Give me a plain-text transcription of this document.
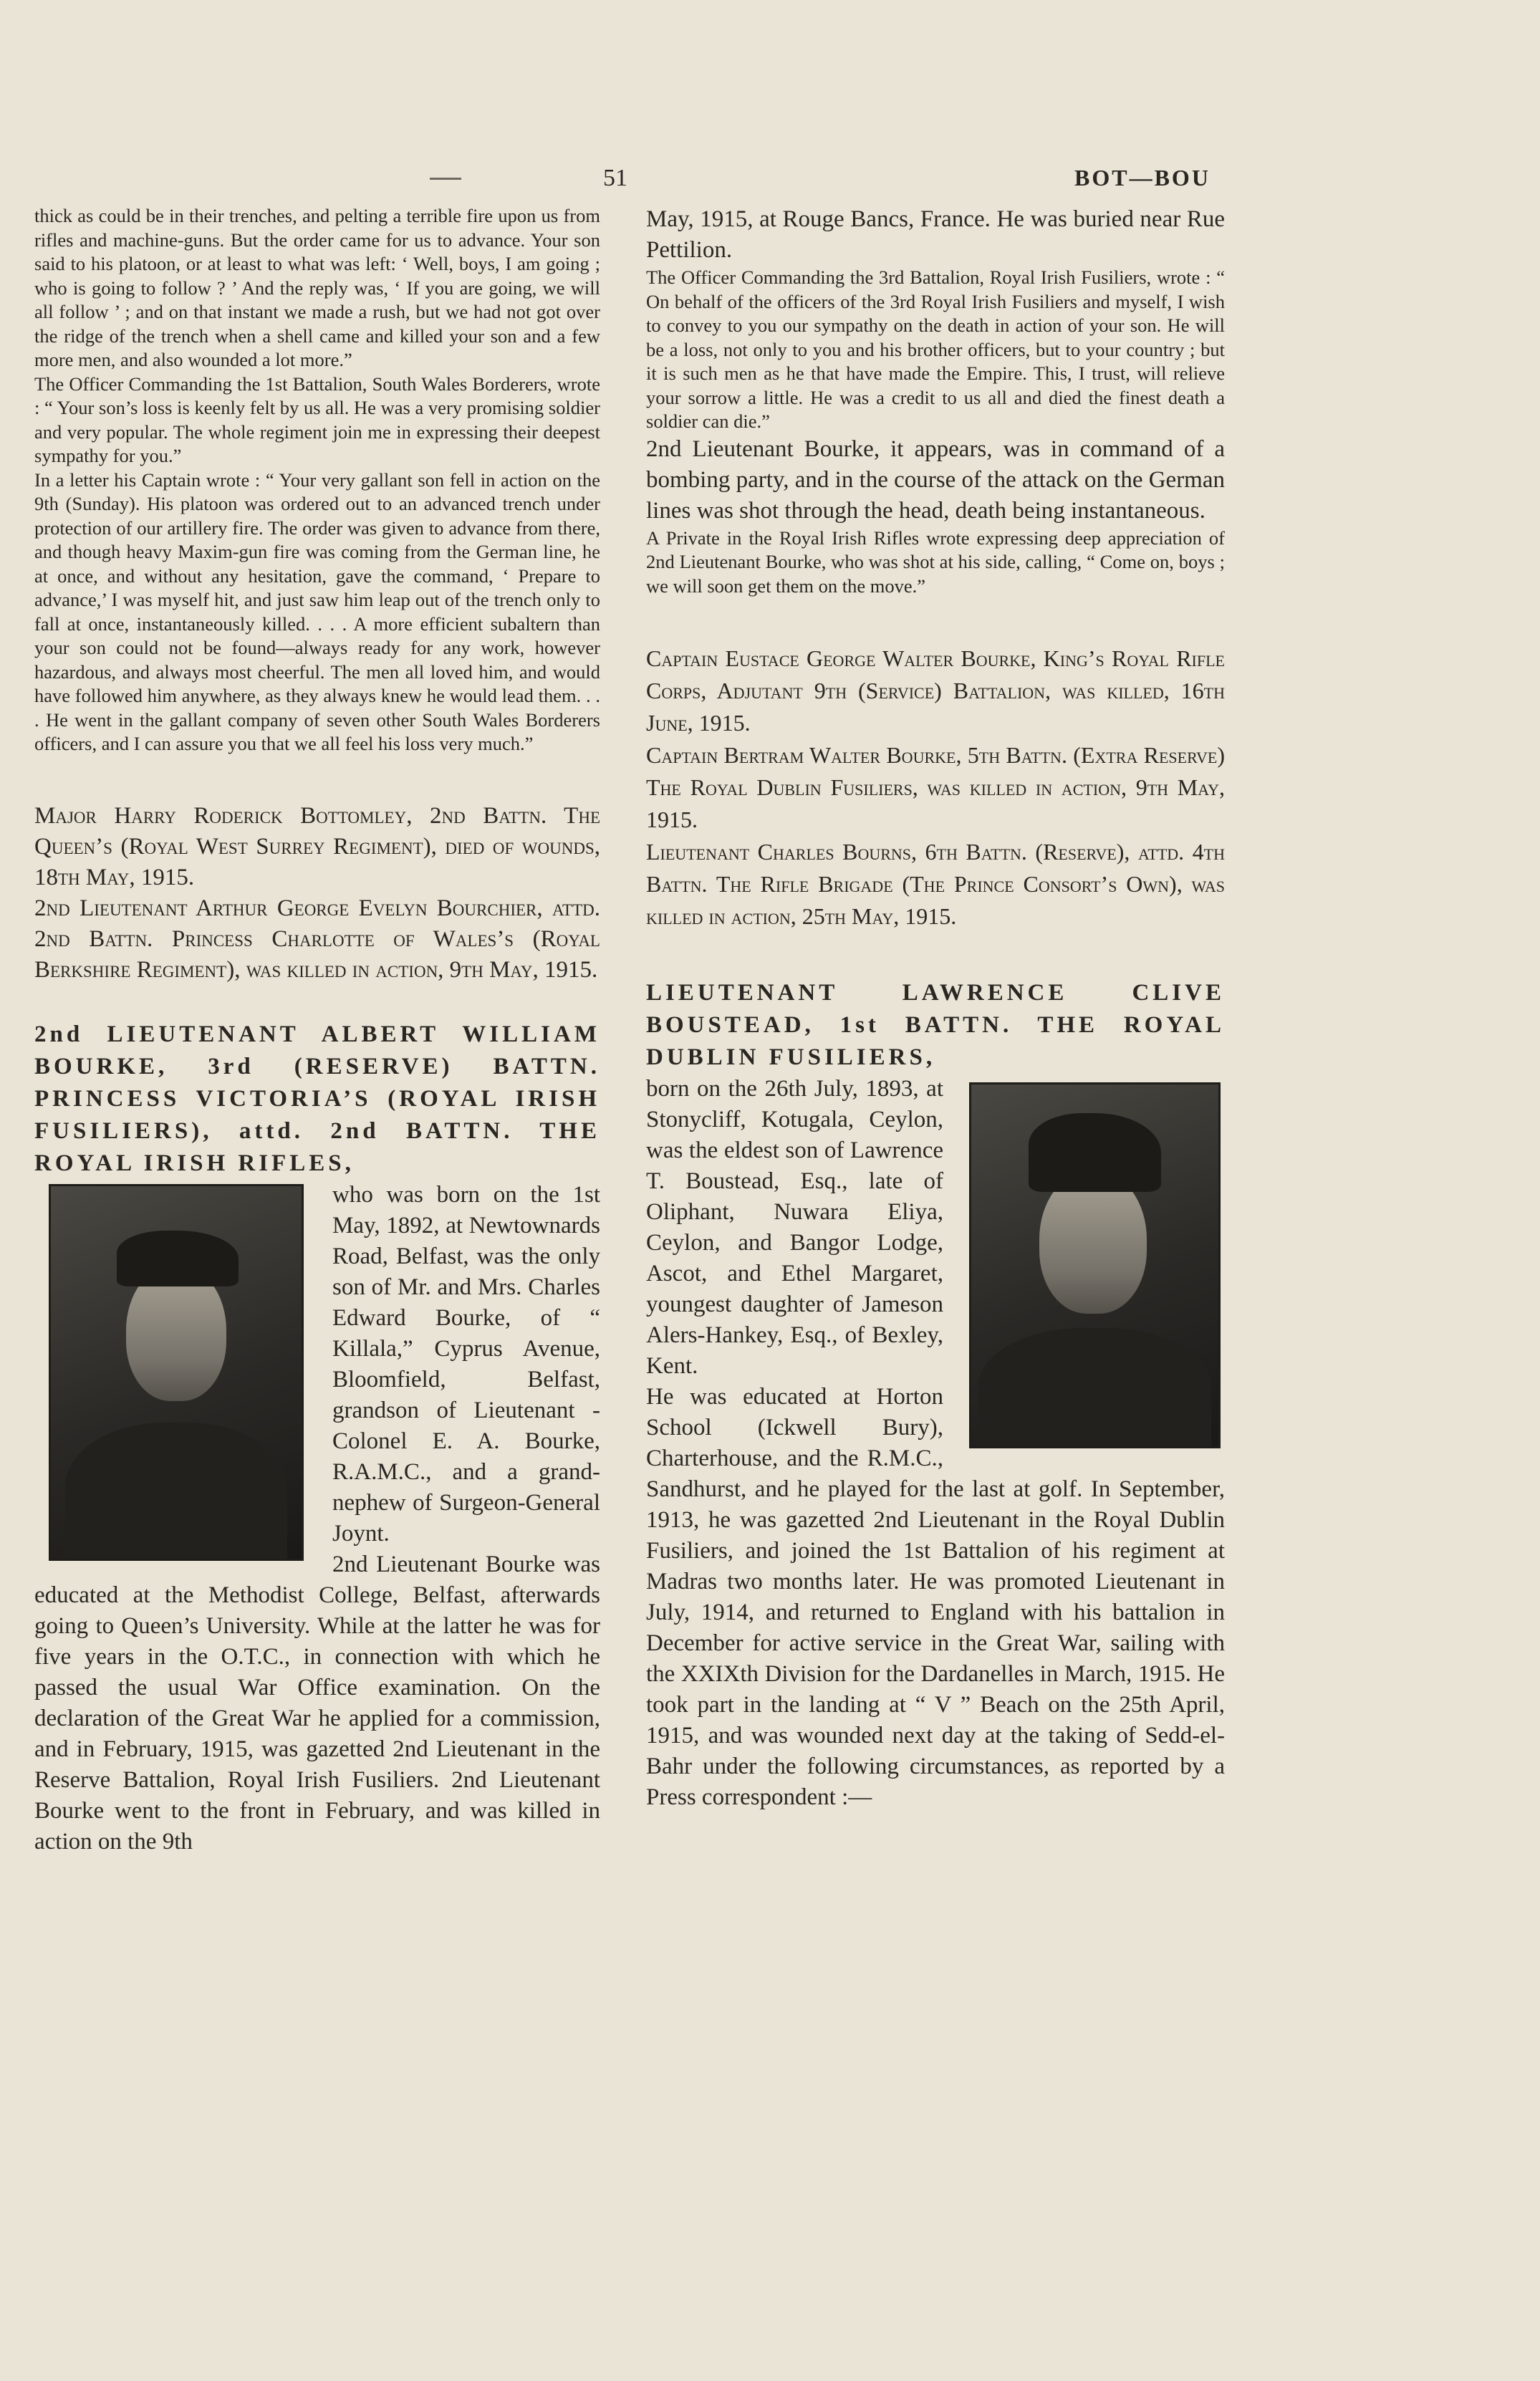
51	BOT—BOU

thick as could be in their trenches, and pelting a terrible fire upon us from rifles and machine-guns. But the order came for us to advance. Your son said to his platoon, or at least to what was left: ‘ Well, boys, I am going ; who is going to follow ? ’ And the reply was, ‘ If you are going, we will all follow ’ ; and on that instant we made a rush, but we had not got over the ridge of the trench when a shell came and killed your son and a few more men, and also wounded a lot more.”

The Officer Commanding the 1st Battalion, South Wales Borderers, wrote : “ Your son’s loss is keenly felt by us all. He was a very promising soldier and very popular. The whole regiment join me in expressing their deepest sympathy for you.”

In a letter his Captain wrote : “ Your very gallant son fell in action on the 9th (Sunday). His platoon was ordered out to an advanced trench under protection of our artillery fire. The order was given to advance from there, and though heavy Maxim-gun fire was coming from the German line, he at once, and without any hesitation, gave the command, ‘ Prepare to advance,’ I was myself hit, and just saw him leap out of the trench only to fall at once, instantaneously killed. . . . A more efficient subaltern than your son could not be found—always ready for any work, however hazardous, and always most cheerful. The men all loved him, and would have followed him anywhere, as they always knew he would lead them. . . . He went in the gallant company of seven other South Wales Borderers officers, and I can assure you that we all feel his loss very much.”

Major Harry Roderick Bottomley, 2nd Battn. The Queen’s (Royal West Surrey Regiment), died of wounds, 18th May, 1915.

2nd Lieutenant Arthur George Evelyn Bourchier, attd. 2nd Battn. Princess Charlotte of Wales’s (Royal Berkshire Regiment), was killed in action, 9th May, 1915.

2nd LIEUTENANT ALBERT WILLIAM BOURKE, 3rd (RESERVE) BATTN. PRINCESS VICTORIA’S (ROYAL IRISH FUSILIERS), attd. 2nd BATTN. THE ROYAL IRISH RIFLES,

who was born on the 1st May, 1892, at Newtownards Road, Belfast, was the only son of Mr. and Mrs. Charles Edward Bourke, of “ Killala,” Cyprus Avenue, Bloomfield, Belfast, grandson of Lieutenant - Colonel E. A. Bourke, R.A.M.C., and a grand-nephew of Surgeon-General Joynt.

2nd Lieutenant Bourke was educated at the Methodist College, Belfast, afterwards going to Queen’s University. While at the latter he was for five years in the O.T.C., in connection with which he passed the usual War Office examination. On the declaration of the Great War he applied for a commission, and in February, 1915, was gazetted 2nd Lieutenant in the Reserve Battalion, Royal Irish Fusiliers. 2nd Lieutenant Bourke went to the front in February, and was killed in action on the 9th

May, 1915, at Rouge Bancs, France. He was buried near Rue Pettilion.

The Officer Commanding the 3rd Battalion, Royal Irish Fusiliers, wrote : “ On behalf of the officers of the 3rd Royal Irish Fusiliers and myself, I wish to convey to you our sympathy on the death in action of your son. He will be a loss, not only to you and his brother officers, but to your country ; but it is such men as he that have made the Empire. This, I trust, will relieve your sorrow a little. He was a credit to us all and died the finest death a soldier can die.”

2nd Lieutenant Bourke, it appears, was in command of a bombing party, and in the course of the attack on the German lines was shot through the head, death being instantaneous.

A Private in the Royal Irish Rifles wrote expressing deep appreciation of 2nd Lieutenant Bourke, who was shot at his side, calling, “ Come on, boys ; we will soon get them on the move.”

Captain Eustace George Walter Bourke, King’s Royal Rifle Corps, Adjutant 9th (Service) Battalion, was killed, 16th June, 1915.

Captain Bertram Walter Bourke, 5th Battn. (Extra Reserve) The Royal Dublin Fusiliers, was killed in action, 9th May, 1915.

Lieutenant Charles Bourns, 6th Battn. (Reserve), attd. 4th Battn. The Rifle Brigade (The Prince Consort’s Own), was killed in action, 25th May, 1915.

LIEUTENANT LAWRENCE CLIVE BOUSTEAD, 1st BATTN. THE ROYAL DUBLIN FUSILIERS,

born on the 26th July, 1893, at Stonycliff, Kotugala, Ceylon, was the eldest son of Lawrence T. Boustead, Esq., late of Oliphant, Nuwara Eliya, Ceylon, and Bangor Lodge, Ascot, and Ethel Margaret, youngest daughter of Jameson Alers-Hankey, Esq., of Bexley, Kent.

He was educated at Horton School (Ickwell Bury), Charterhouse, and the R.M.C., Sandhurst, and he played for the last at golf. In September, 1913, he was gazetted 2nd Lieutenant in the Royal Dublin Fusiliers, and joined the 1st Battalion of his regiment at Madras two months later. He was promoted Lieutenant in July, 1914, and returned to England with his battalion in December for active service in the Great War, sailing with the XXIXth Division for the Dardanelles in March, 1915. He took part in the landing at “ V ” Beach on the 25th April, 1915, and was wounded next day at the taking of Sedd-el-Bahr under the following circumstances, as reported by a Press correspondent :—
